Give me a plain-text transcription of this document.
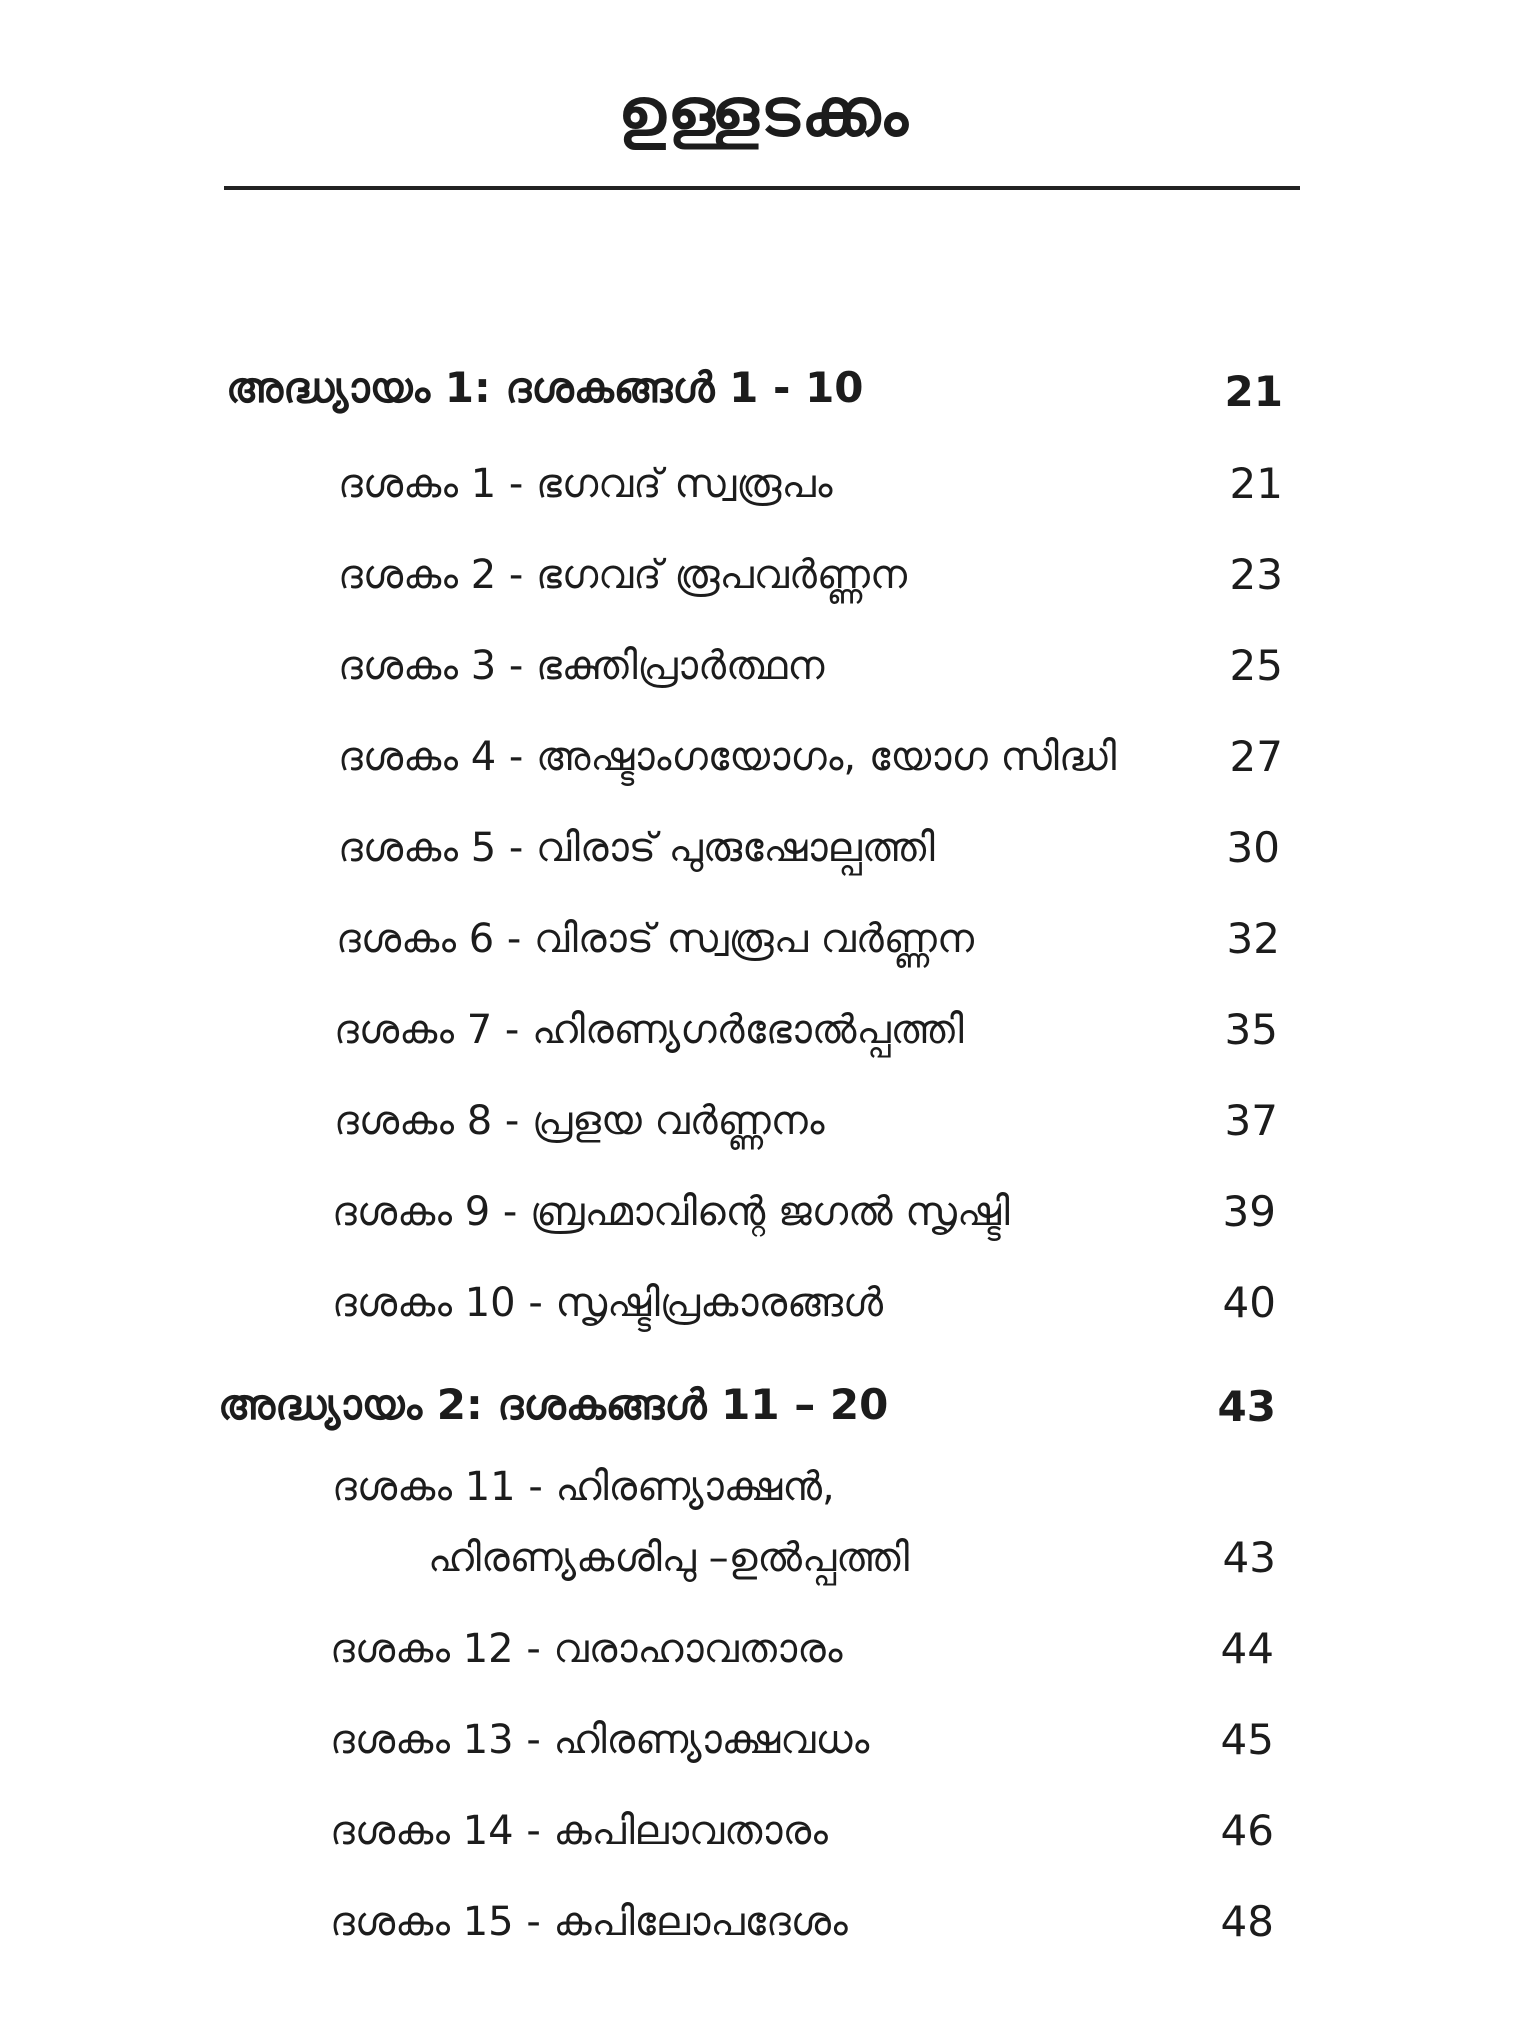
ഉള്ളടക്കം
അദ്ധ്യായം 1: ദശകങ്ങൾ 1 - 10	21
ദശകം 1 - ഭഗവദ് സ്വരൂപം	21
ദശകം 2 - ഭഗവദ് രൂപവർണ്ണന	23
ദശകം 3 - ഭക്തിപ്രാർത്ഥന	25
ദശകം 4 - അഷ്ടാംഗയോഗം, യോഗ സിദ്ധി	27
ദശകം 5 - വിരാട് പുരുഷോല്പത്തി	30
ദശകം 6 - വിരാട് സ്വരൂപ വർണ്ണന	32
ദശകം 7 - ഹിരണ്യഗർഭോൽപ്പത്തി	35
ദശകം 8 - പ്രളയ വർണ്ണനം	37
ദശകം 9 - ബ്രഹ്മാവിന്റെ ജഗൽ സൃഷ്ടി	39
ദശകം 10 - സൃഷ്ടിപ്രകാരങ്ങൾ	40
അദ്ധ്യായം 2: ദശകങ്ങൾ 11 – 20	43
ദശകം 11 - ഹിരണ്യാക്ഷൻ,
ഹിരണ്യകശിപു –ഉൽപ്പത്തി	43
ദശകം 12 - വരാഹാവതാരം	44
ദശകം 13 - ഹിരണ്യാക്ഷവധം	45
ദശകം 14 - കപിലാവതാരം	46
ദശകം 15 - കപിലോപദേശം	48
